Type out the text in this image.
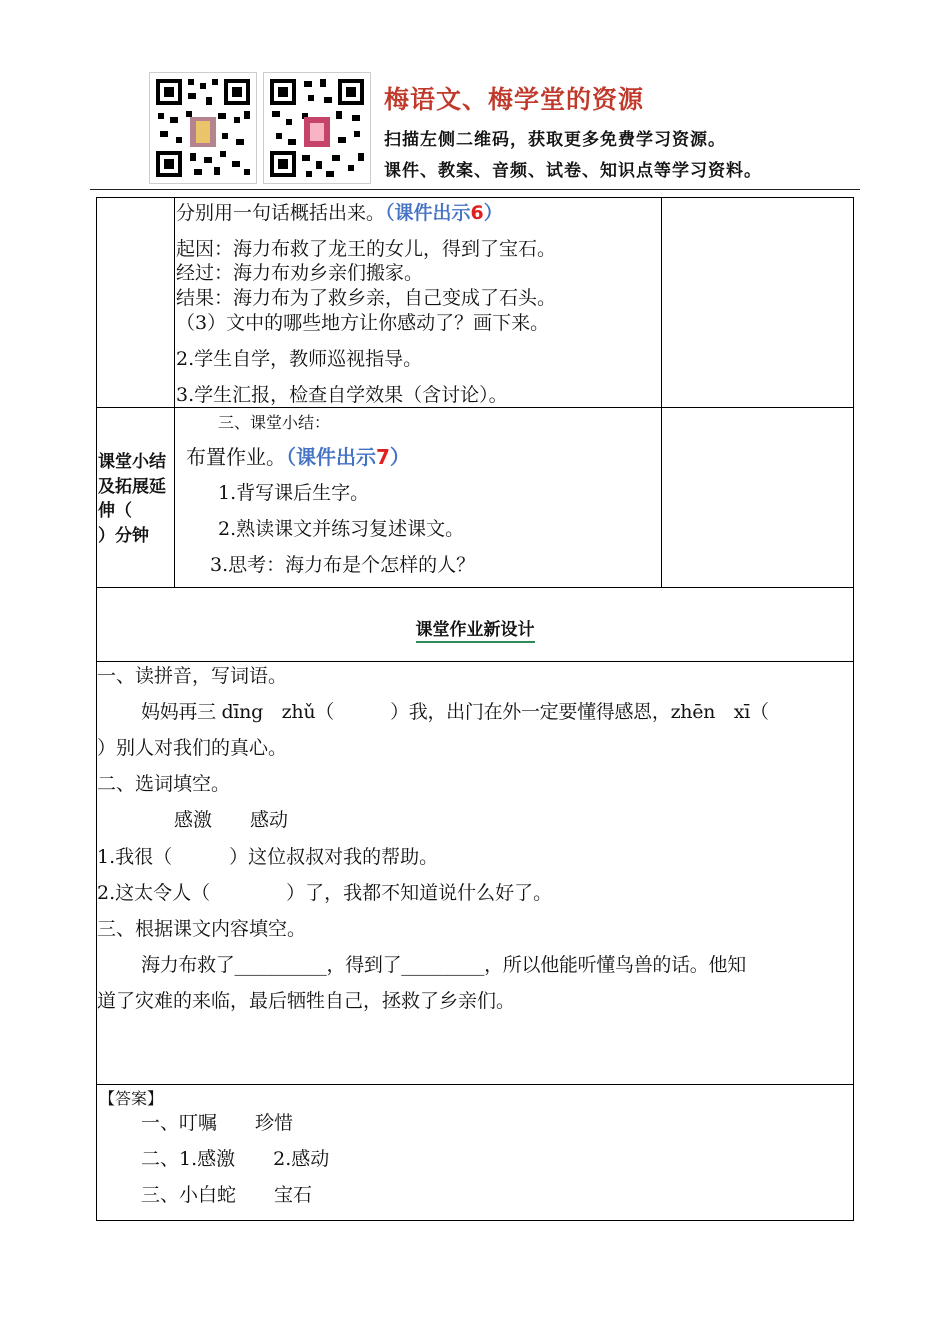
梅语文、梅学堂的资源
扫描左侧二维码，获取更多免费学习资源。
课件、教案、音频、试卷、知识点等学习资料。
分别用一句话概括出来。（课件出示6）
起因：海力布救了龙王的女儿，得到了宝石。
经过：海力布劝乡亲们搬家。
结果：海力布为了救乡亲，自己变成了石头。
（3）文中的哪些地方让你感动了？画下来。
2.学生自学，教师巡视指导。
3.学生汇报，检查自学效果（含讨论）。
课堂小结
及拓展延
伸（
）分钟
三、课堂小结：
布置作业。（课件出示7）
1.背写课后生字。
2.熟读课文并练习复述课文。
3.思考：海力布是个怎样的人？
课堂作业新设计
一、读拼音，写词语。
妈妈再三 dīng　zhǔ（　　　）我，出门在外一定要懂得感恩，zhēn　xī（
）别人对我们的真心。
二、选词填空。
感激　　感动
1.我很（　　　）这位叔叔对我的帮助。
2.这太令人（　　　　）了，我都不知道说什么好了。
三、根据课文内容填空。
海力布救了__________，得到了_________，所以他能听懂鸟兽的话。他知
道了灾难的来临，最后牺牲自己，拯救了乡亲们。
【答案】
一、叮嘱　　珍惜
二、1.感激　　2.感动
三、小白蛇　　宝石
